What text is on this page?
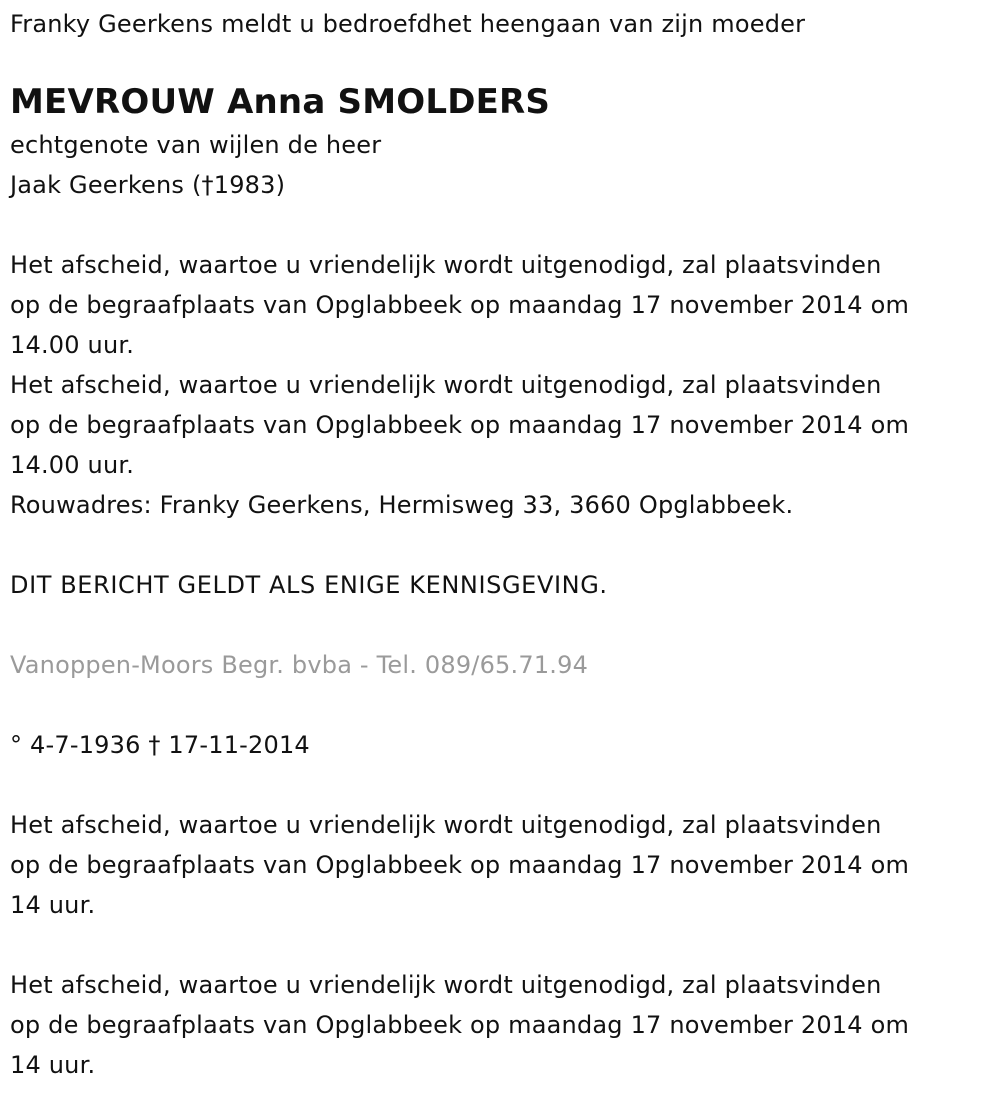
Franky Geerkens meldt u bedroefdhet heengaan van zijn moeder
MEVROUW Anna SMOLDERS
echtgenote van wijlen de heer
Jaak Geerkens (†1983)
Het afscheid, waartoe u vriendelijk wordt uitgenodigd, zal plaatsvinden
op de begraafplaats van Opglabbeek op maandag 17 november 2014 om
14.00 uur.
Het afscheid, waartoe u vriendelijk wordt uitgenodigd, zal plaatsvinden
op de begraafplaats van Opglabbeek op maandag 17 november 2014 om
14.00 uur.
Rouwadres: Franky Geerkens, Hermisweg 33, 3660 Opglabbeek.
DIT BERICHT GELDT ALS ENIGE KENNISGEVING.
Vanoppen-Moors Begr. bvba - Tel. 089/65.71.94
° 4-7-1936 † 17-11-2014
Het afscheid, waartoe u vriendelijk wordt uitgenodigd, zal plaatsvinden
op de begraafplaats van Opglabbeek op maandag 17 november 2014 om
14 uur.
Het afscheid, waartoe u vriendelijk wordt uitgenodigd, zal plaatsvinden
op de begraafplaats van Opglabbeek op maandag 17 november 2014 om
14 uur.
